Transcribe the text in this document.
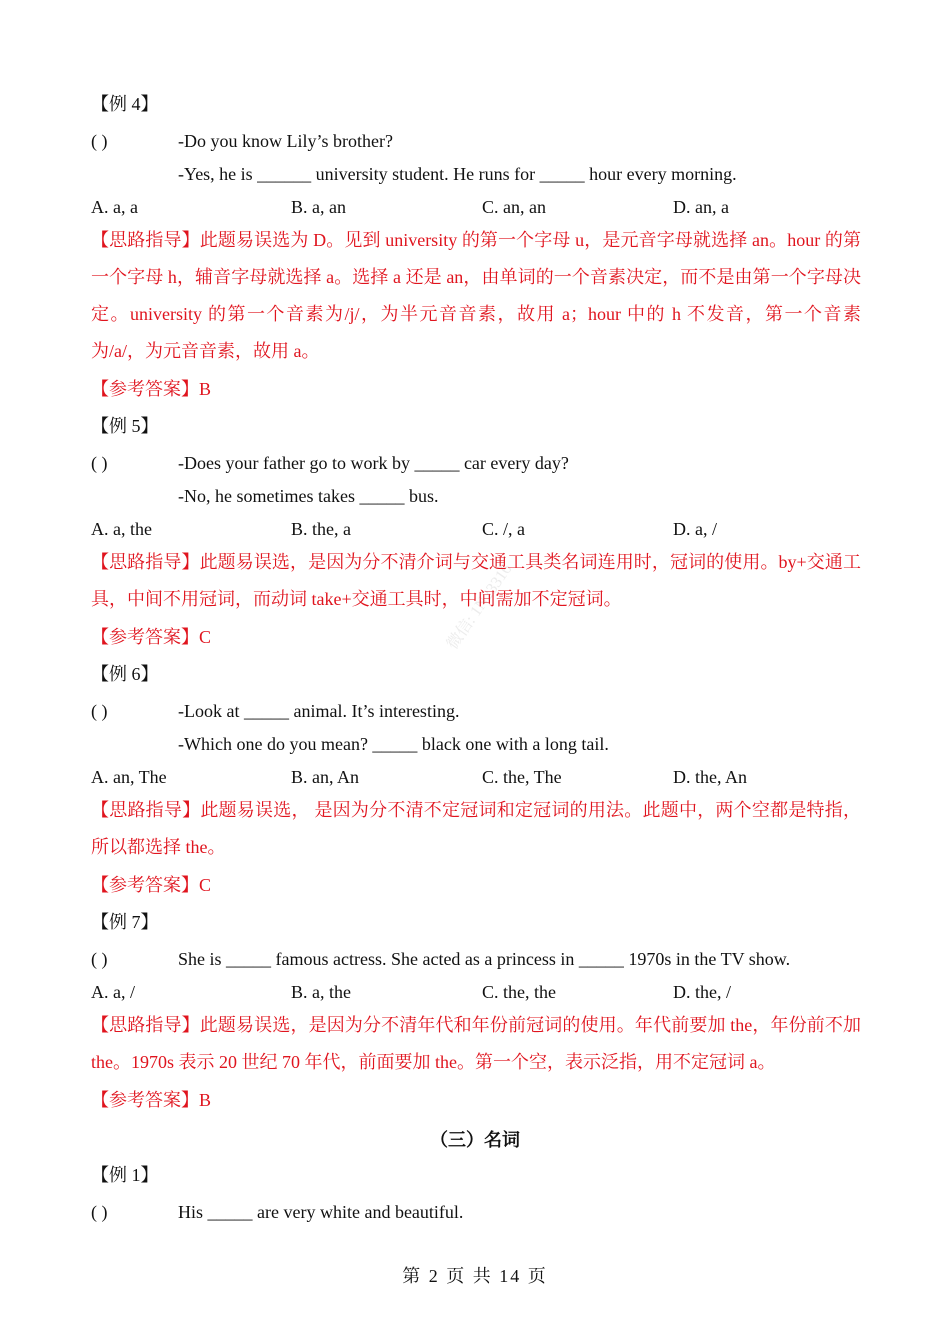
微信: 1N23316
【例 4】
( )	-Do you know Lily’s brother?
-Yes, he is ______ university student. He runs for _____ hour every morning.
A. a, a	B. a, an	C. an, an	D. an, a
【思路指导】此题易误选为 D。见到 university 的第一个字母 u，是元音字母就选择 an。hour 的第一个字母 h，辅音字母就选择 a。选择 a 还是 an，由单词的一个音素决定，而不是由第一个字母决定。university 的第一个音素为/j/，为半元音音素，故用 a；hour 中的 h 不发音，第一个音素为/a/，为元音音素，故用 a。
【参考答案】B
【例 5】
( )	-Does your father go to work by _____ car every day?
-No, he sometimes takes _____ bus.
A. a, the	B. the, a	C. /, a	D. a, /
【思路指导】此题易误选，是因为分不清介词与交通工具类名词连用时，冠词的使用。by+交通工具，中间不用冠词，而动词 take+交通工具时，中间需加不定冠词。
【参考答案】C
【例 6】
( )	-Look at _____ animal. It’s interesting.
-Which one do you mean? _____ black one with a long tail.
A. an, The	B. an, An	C. the, The	D. the, An
【思路指导】此题易误选， 是因为分不清不定冠词和定冠词的用法。此题中，两个空都是特指，所以都选择 the。
【参考答案】C
【例 7】
( )	She is _____ famous actress. She acted as a princess in _____ 1970s in the TV show.
A. a, /	B. a, the	C. the, the	D. the, /
【思路指导】此题易误选，是因为分不清年代和年份前冠词的使用。年代前要加 the，年份前不加 the。1970s 表示 20 世纪 70 年代，前面要加 the。第一个空，表示泛指，用不定冠词 a。
【参考答案】B
（三）名词
【例 1】
( )	His _____ are very white and beautiful.
第 2 页 共 14 页
